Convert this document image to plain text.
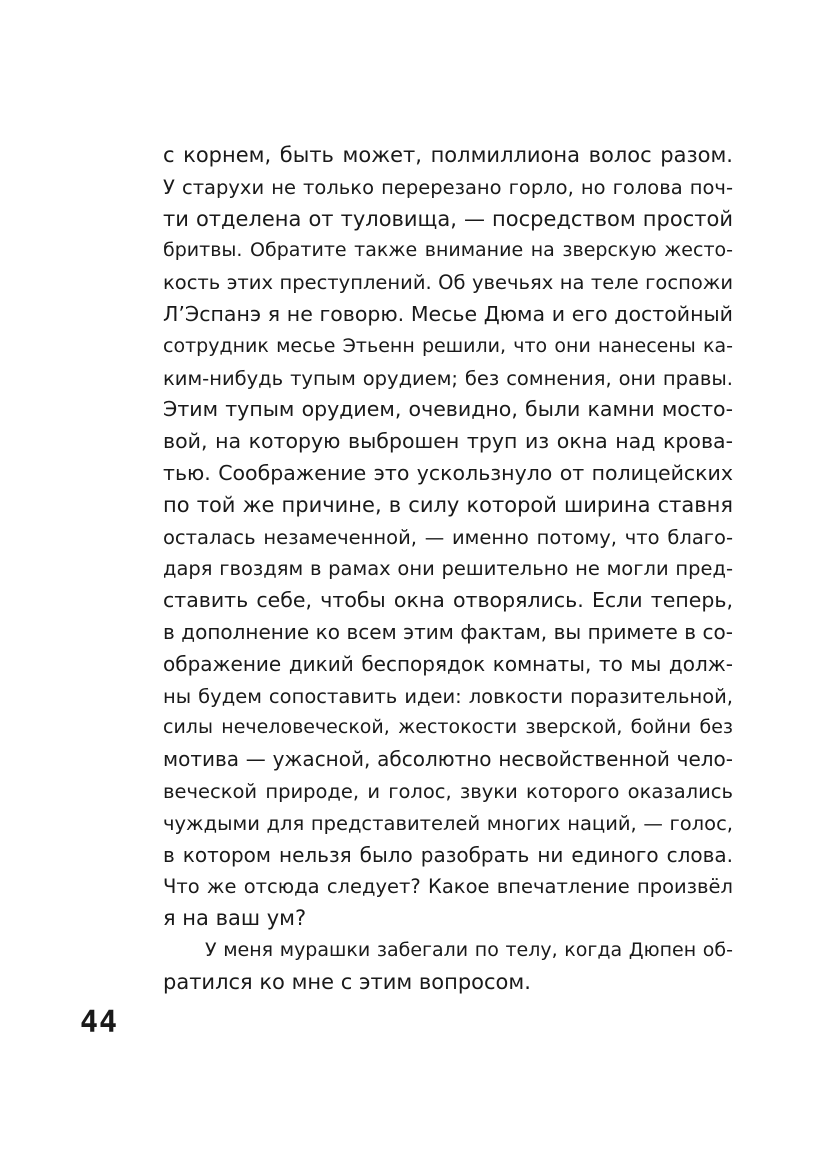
с корнем, быть может, полмиллиона волос разом.
У старухи не только перерезано горло, но голова поч-
ти отделена от туловища, — посредством простой
бритвы. Обратите также внимание на зверскую жесто-
кость этих преступлений. Об увечьях на теле госпожи
Л’Эспанэ я не говорю. Месье Дюма и его достойный
сотрудник месье Этьенн решили, что они нанесены ка-
ким-нибудь тупым орудием; без сомнения, они правы.
Этим тупым орудием, очевидно, были камни мосто-
вой, на которую выброшен труп из окна над крова-
тью. Соображение это ускользнуло от полицейских
по той же причине, в силу которой ширина ставня
осталась незамеченной, — именно потому, что благо-
даря гвоздям в рамах они решительно не могли пред-
ставить себе, чтобы окна отворялись. Если теперь,
в дополнение ко всем этим фактам, вы примете в со-
ображение дикий беспорядок комнаты, то мы долж-
ны будем сопоставить идеи: ловкости поразительной,
силы нечеловеческой, жестокости зверской, бойни без
мотива — ужасной, абсолютно несвойственной чело-
веческой природе, и голос, звуки которого оказались
чуждыми для представителей многих наций, — голос,
в котором нельзя было разобрать ни единого слова.
Что же отсюда следует? Какое впечатление произвёл
я на ваш ум?
У меня мурашки забегали по телу, когда Дюпен об-
ратился ко мне с этим вопросом.
44
